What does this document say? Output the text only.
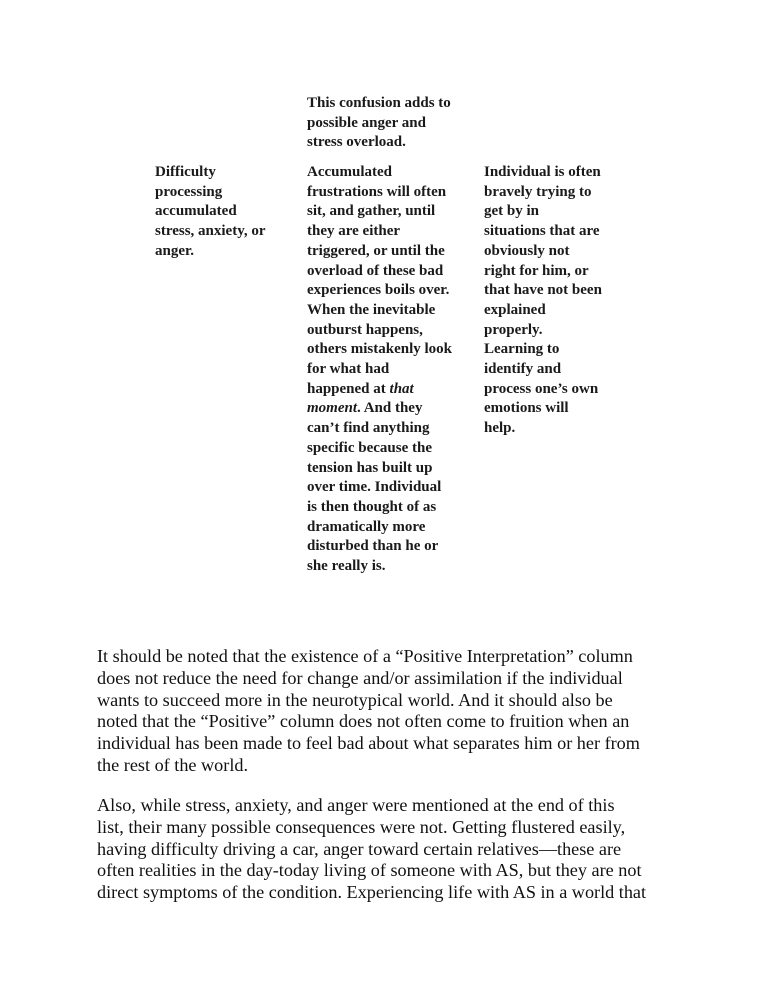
This confusion adds to
possible anger and
stress overload.

Difficulty
processing
accumulated
stress, anxiety, or
anger.

Accumulated
frustrations will often
sit, and gather, until
they are either
triggered, or until the
overload of these bad
experiences boils over.
When the inevitable
outburst happens,
others mistakenly look
for what had
happened at that
moment. And they
can’t find anything
specific because the
tension has built up
over time. Individual
is then thought of as
dramatically more
disturbed than he or
she really is.

Individual is often
bravely trying to
get by in
situations that are
obviously not
right for him, or
that have not been
explained
properly.
Learning to
identify and
process one’s own
emotions will
help.

It should be noted that the existence of a “Positive Interpretation” column
does not reduce the need for change and/or assimilation if the individual
wants to succeed more in the neurotypical world. And it should also be
noted that the “Positive” column does not often come to fruition when an
individual has been made to feel bad about what separates him or her from
the rest of the world.

Also, while stress, anxiety, and anger were mentioned at the end of this
list, their many possible consequences were not. Getting flustered easily,
having difficulty driving a car, anger toward certain relatives—these are
often realities in the day-today living of someone with AS, but they are not
direct symptoms of the condition. Experiencing life with AS in a world that
